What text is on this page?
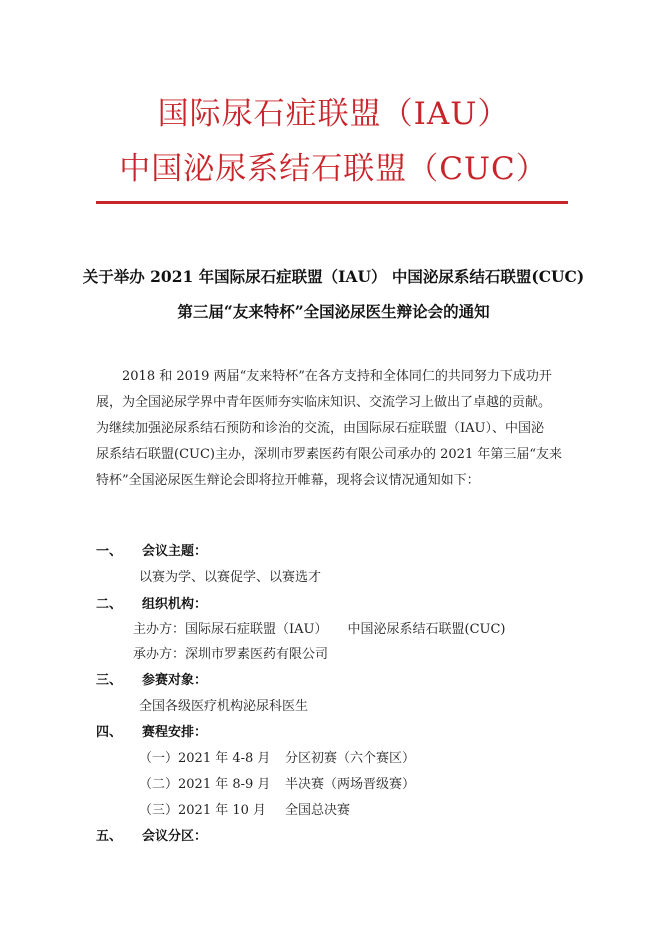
国际尿石症联盟（IAU）
中国泌尿系结石联盟（CUC）
关于举办 2021 年国际尿石症联盟（IAU） 中国泌尿系结石联盟(CUC)
第三届“友来特杯”全国泌尿医生辩论会的通知
2018 和 2019 两届“友来特杯”在各方支持和全体同仁的共同努力下成功开
展，为全国泌尿学界中青年医师夯实临床知识、交流学习上做出了卓越的贡献。
为继续加强泌尿系结石预防和诊治的交流，由国际尿石症联盟（IAU）、中国泌
尿系结石联盟(CUC)主办，深圳市罗素医药有限公司承办的 2021 年第三届“友来
特杯”全国泌尿医生辩论会即将拉开帷幕，现将会议情况通知如下：
一、 会议主题：
以赛为学、以赛促学、以赛选才
二、 组织机构：
主办方：国际尿石症联盟（IAU） 中国泌尿系结石联盟(CUC)
承办方：深圳市罗素医药有限公司
三、 参赛对象：
全国各级医疗机构泌尿科医生
四、 赛程安排：
（一）2021 年 4-8 月 分区初赛（六个赛区）
（二）2021 年 8-9 月 半决赛（两场晋级赛）
（三）2021 年 10 月 全国总决赛
五、 会议分区：
